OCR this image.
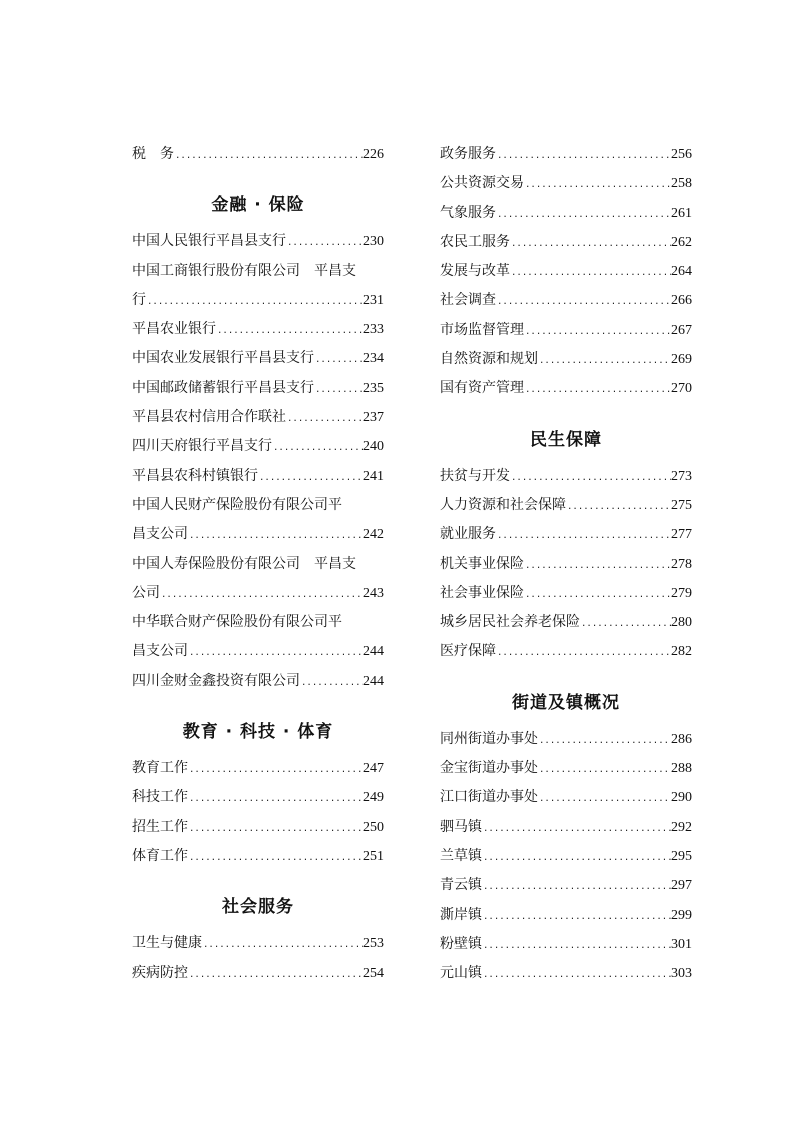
税　务 .....	226
金融 · 保险
中国人民银行平昌县支行 .....	230
中国工商银行股份有限公司　平昌支
行 .....	231
平昌农业银行 .....	233
中国农业发展银行平昌县支行 .....	234
中国邮政储蓄银行平昌县支行 .....	235
平昌县农村信用合作联社 .....	237
四川天府银行平昌支行 .....	240
平昌县农科村镇银行 .....	241
中国人民财产保险股份有限公司平
昌支公司 .....	242
中国人寿保险股份有限公司　平昌支
公司 .....	243
中华联合财产保险股份有限公司平
昌支公司 .....	244
四川金财金鑫投资有限公司 .....	244
教育 · 科技 · 体育
教育工作 .....	247
科技工作 .....	249
招生工作 .....	250
体育工作 .....	251
社会服务
卫生与健康 .....	253
疾病防控 .....	254
政务服务 .....	256
公共资源交易 .....	258
气象服务 .....	261
农民工服务 .....	262
发展与改革 .....	264
社会调查 .....	266
市场监督管理 .....	267
自然资源和规划 .....	269
国有资产管理 .....	270
民生保障
扶贫与开发 .....	273
人力资源和社会保障 .....	275
就业服务 .....	277
机关事业保险 .....	278
社会事业保险 .....	279
城乡居民社会养老保险 .....	280
医疗保障 .....	282
街道及镇概况
同州街道办事处 .....	286
金宝街道办事处 .....	288
江口街道办事处 .....	290
驷马镇 .....	292
兰草镇 .....	295
青云镇 .....	297
澌岸镇 .....	299
粉壁镇 .....	301
元山镇 .....	303
